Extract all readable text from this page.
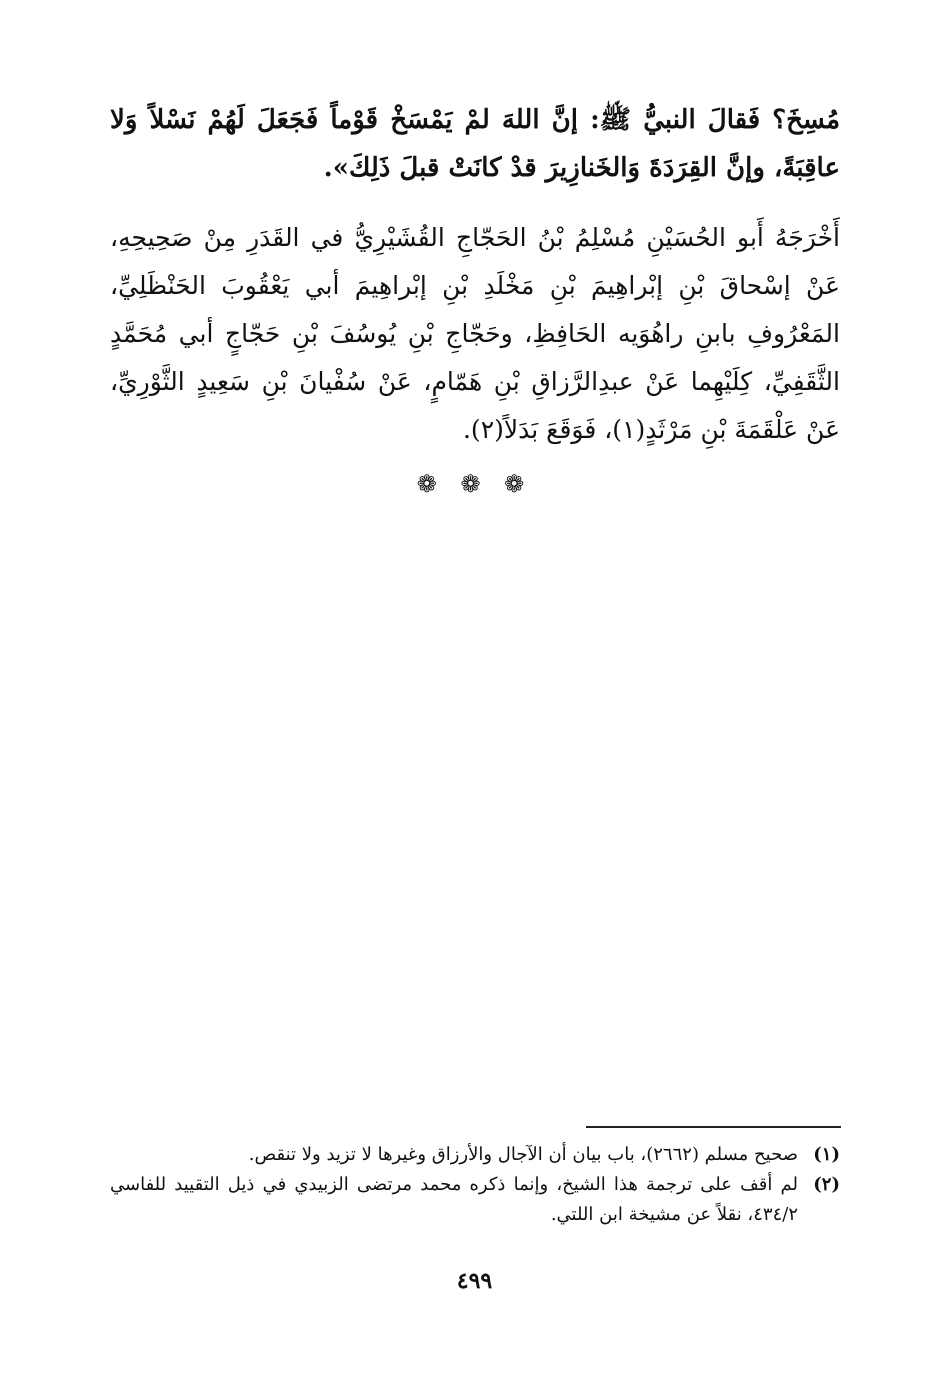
مُسِخَ؟ فَقالَ النبيُّ ﷺ: إنَّ اللهَ لمْ يَمْسَخْ قَوْماً فَجَعَلَ لَهُمْ نَسْلاً وَلا عاقِبَةً، وإنَّ القِرَدَةَ وَالخَنازِيرَ قدْ كانَتْ قبلَ ذَلِكَ».

أَخْرَجَهُ أَبو الحُسَيْنِ مُسْلِمُ بْنُ الحَجّاجِ القُشَيْرِيُّ في القَدَرِ مِنْ صَحِيحِهِ، عَنْ إسْحاقَ بْنِ إبْراهِيمَ بْنِ مَخْلَدِ بْنِ إبْراهِيمَ أبي يَعْقُوبَ الحَنْظَلِيِّ، المَعْرُوفِ بابنِ راهُوَيه الحَافِظِ، وحَجّاجِ بْنِ يُوسُفَ بْنِ حَجّاجٍ أبي مُحَمَّدٍ الثَّقَفِيِّ، كِلَيْهِما عَنْ عبدِالرَّزاقِ بْنِ هَمّامٍ، عَنْ سُفْيانَ بْنِ سَعِيدٍ الثَّوْرِيِّ، عَنْ عَلْقَمَةَ بْنِ مَرْثَدٍ(١)، فَوَقَعَ بَدَلاً(٢).

❁ ❁ ❁
(١)
صحيح مسلم (٢٦٦٢)، باب بيان أن الآجال والأرزاق وغيرها لا تزيد ولا تنقص.
(٢)
لم أقف على ترجمة هذا الشيخ، وإنما ذكره محمد مرتضى الزبيدي في ذيل التقييد للفاسي ٤٣٤/٢، نقلاً عن مشيخة ابن اللتي.
٤٩٩
